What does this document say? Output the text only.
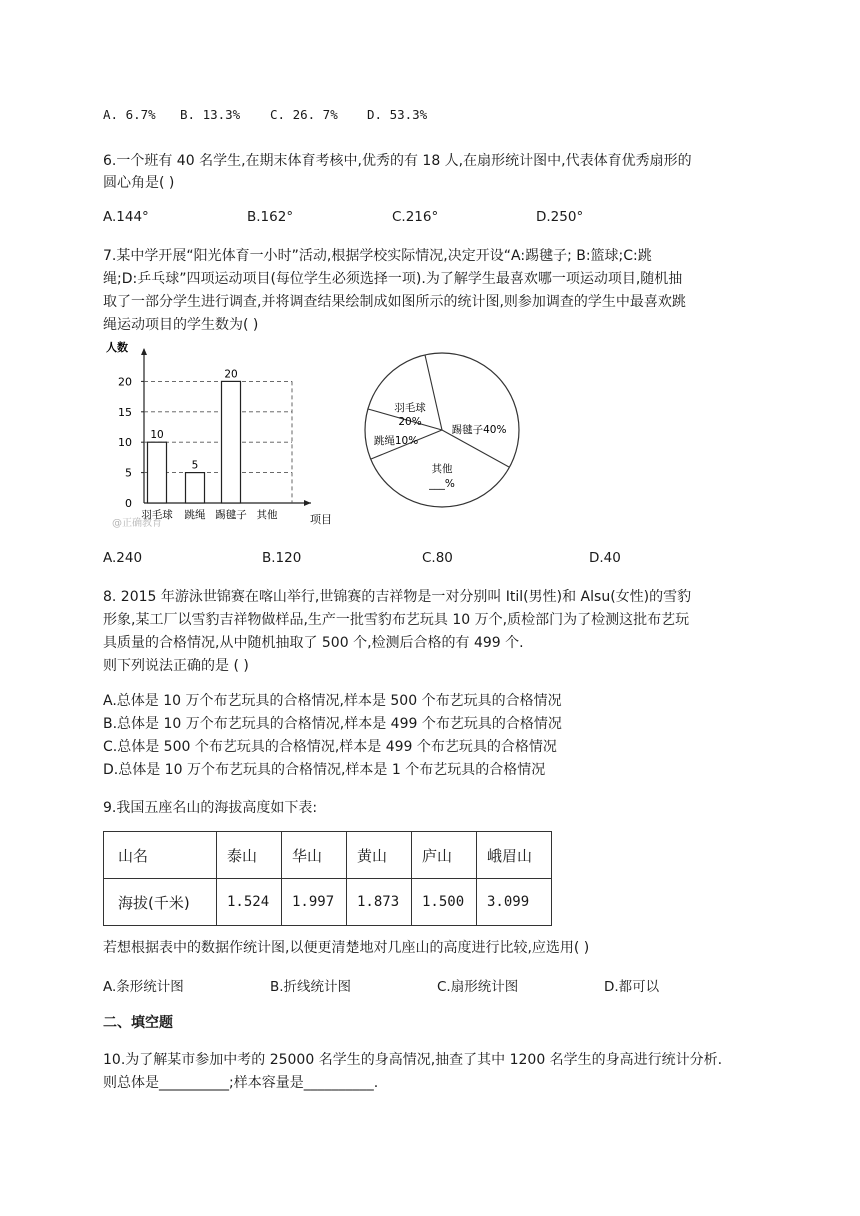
A. 6.7% B. 13.3% C. 26. 7% D. 53.3%
6.一个班有 40 名学生,在期末体育考核中,优秀的有 18 人,在扇形统计图中,代表体育优秀扇形的
圆心角是( )
A.144°	B.162°	C.216°	D.250°
7.某中学开展“阳光体育一小时”活动,根据学校实际情况,决定开设“A:踢毽子; B:篮球;C:跳
绳;D:乒乓球”四项运动项目(每位学生必须选择一项).为了解学生最喜欢哪一项运动项目,随机抽
取了一部分学生进行调查,并将调查结果绘制成如图所示的统计图,则参加调查的学生中最喜欢跳
绳运动项目的学生数为( )
0
5
10
15
20
10
羽毛球
5
跳绳
20
踢毽子 其他
人数
项目
@正确教育
羽毛球
20%
跳绳10%
踢毽子40%
其他
___%
A.240	B.120	C.80	D.40
8. 2015 年游泳世锦赛在喀山举行,世锦赛的吉祥物是一对分别叫 Itil(男性)和 Alsu(女性)的雪豹
形象,某工厂以雪豹吉祥物做样品,生产一批雪豹布艺玩具 10 万个,质检部门为了检测这批布艺玩
具质量的合格情况,从中随机抽取了 500 个,检测后合格的有 499 个.
则下列说法正确的是 ( )
A.总体是 10 万个布艺玩具的合格情况,样本是 500 个布艺玩具的合格情况
B.总体是 10 万个布艺玩具的合格情况,样本是 499 个布艺玩具的合格情况
C.总体是 500 个布艺玩具的合格情况,样本是 499 个布艺玩具的合格情况
D.总体是 10 万个布艺玩具的合格情况,样本是 1 个布艺玩具的合格情况
9.我国五座名山的海拔高度如下表:
山名	泰山	华山	黄山	庐山	峨眉山
海拔(千米)	1.524	1.997	1.873	1.500	3.099
若想根据表中的数据作统计图,以便更清楚地对几座山的高度进行比较,应选用( )
A.条形统计图	B.折线统计图	C.扇形统计图	D.都可以
二、填空题
10.为了解某市参加中考的 25000 名学生的身高情况,抽查了其中 1200 名学生的身高进行统计分析.
则总体是__________;样本容量是__________.
